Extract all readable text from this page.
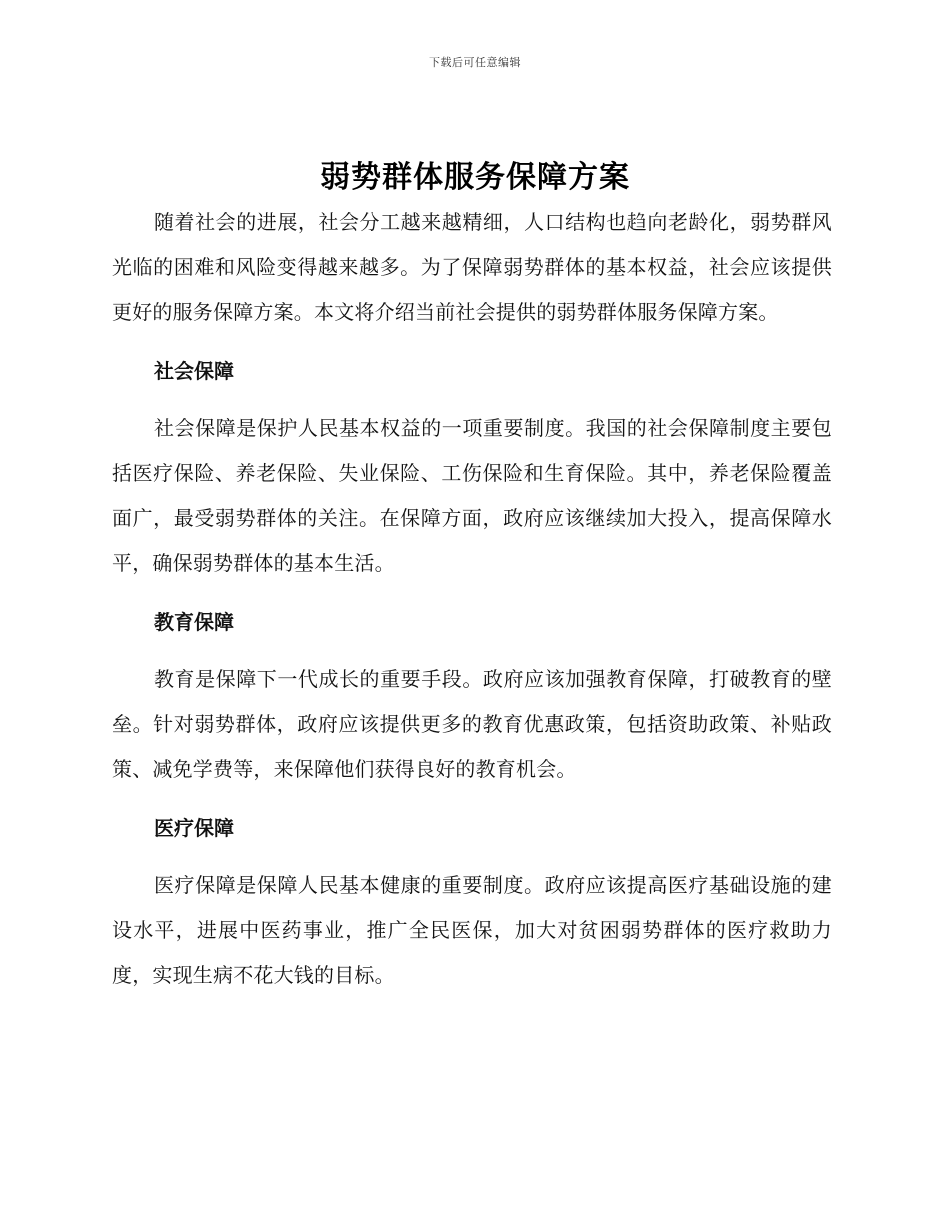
下载后可任意编辑
弱势群体服务保障方案

随着社会的进展，社会分工越来越精细，人口结构也趋向老龄化，弱势群风光临的困难和风险变得越来越多。为了保障弱势群体的基本权益，社会应该提供更好的服务保障方案。本文将介绍当前社会提供的弱势群体服务保障方案。

社会保障

社会保障是保护人民基本权益的一项重要制度。我国的社会保障制度主要包括医疗保险、养老保险、失业保险、工伤保险和生育保险。其中，养老保险覆盖面广，最受弱势群体的关注。在保障方面，政府应该继续加大投入，提高保障水平，确保弱势群体的基本生活。

教育保障

教育是保障下一代成长的重要手段。政府应该加强教育保障，打破教育的壁垒。针对弱势群体，政府应该提供更多的教育优惠政策，包括资助政策、补贴政策、减免学费等，来保障他们获得良好的教育机会。

医疗保障

医疗保障是保障人民基本健康的重要制度。政府应该提高医疗基础设施的建设水平，进展中医药事业，推广全民医保，加大对贫困弱势群体的医疗救助力度，实现生病不花大钱的目标。
